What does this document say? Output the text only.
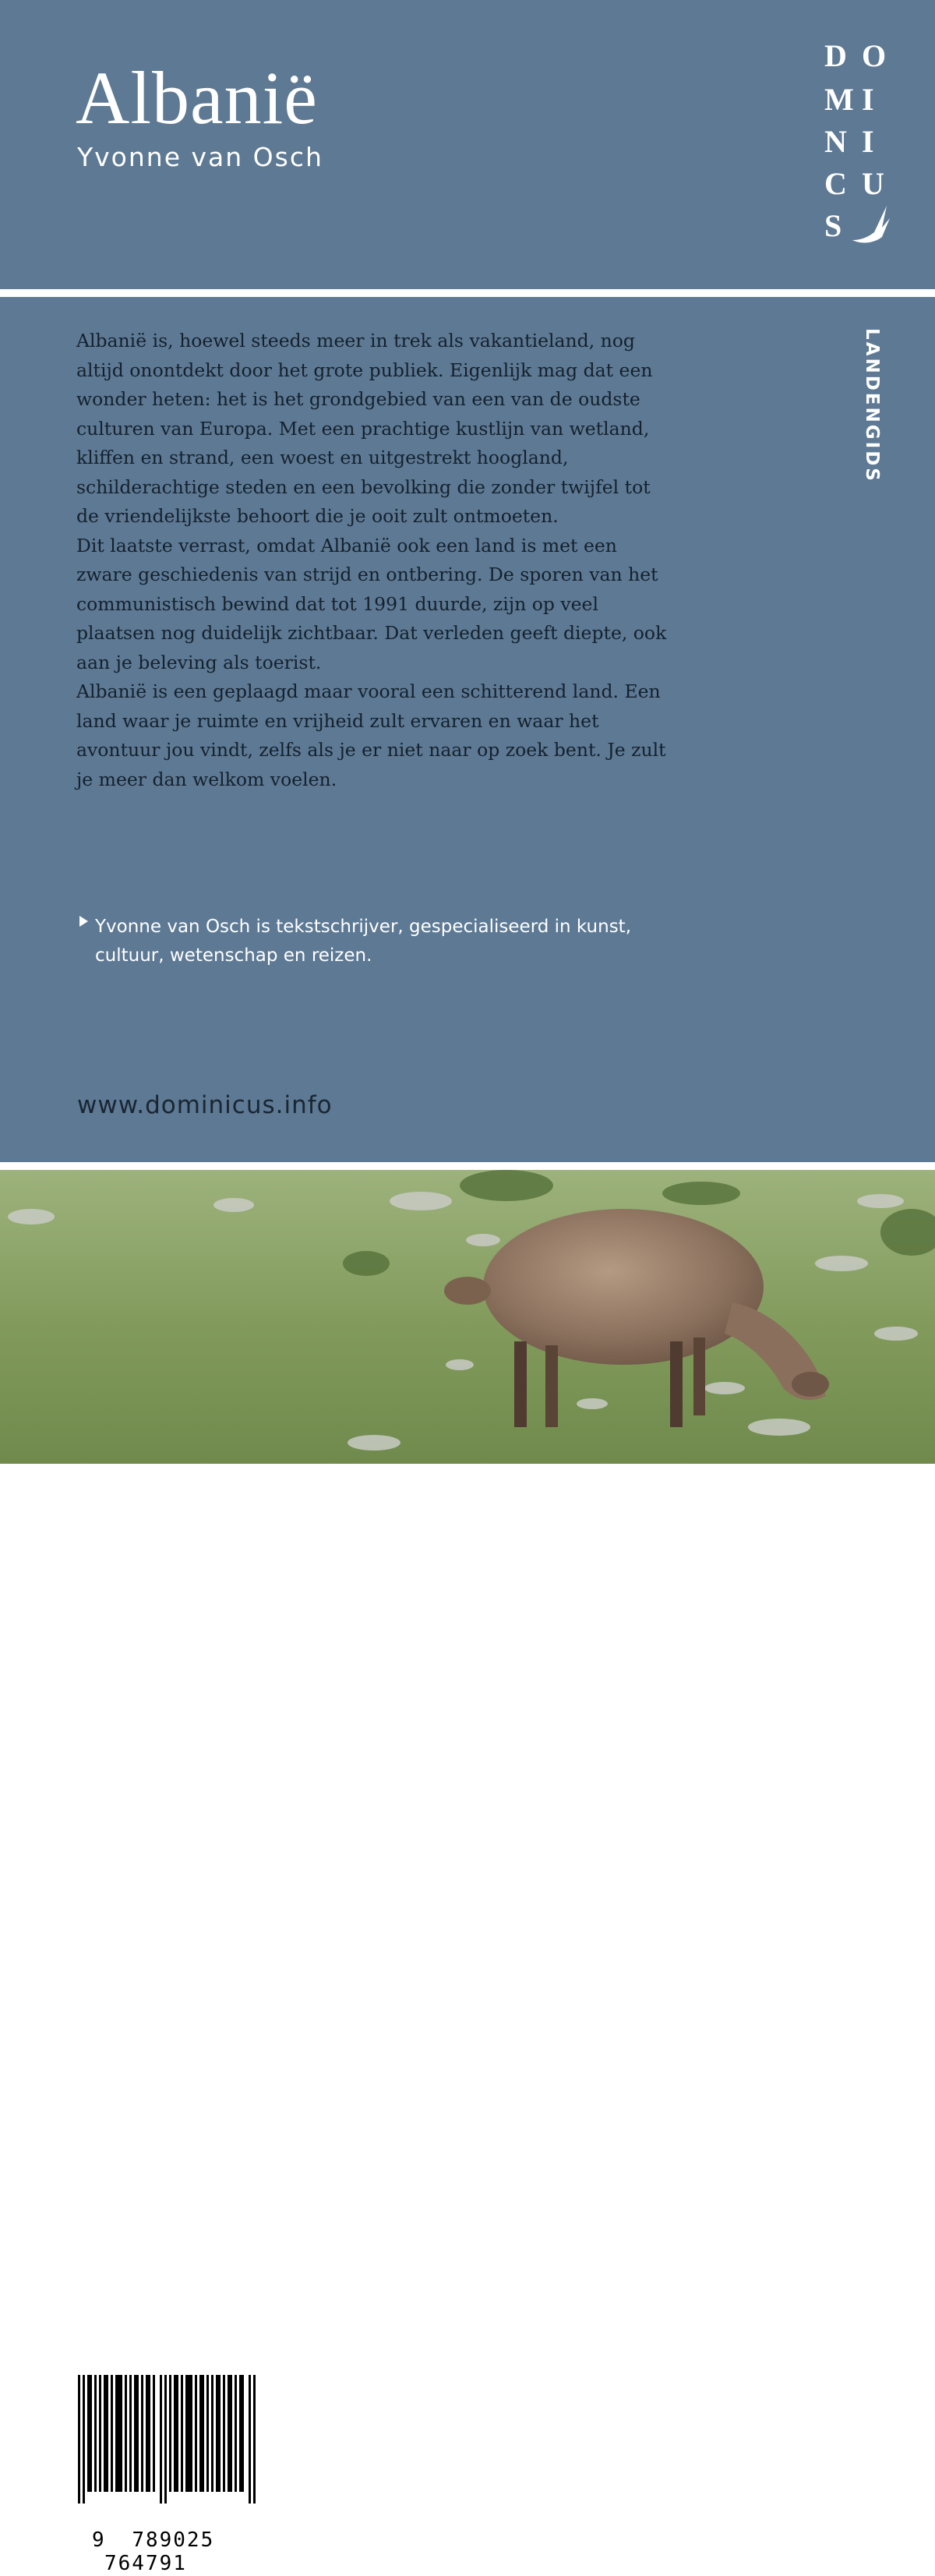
Albanië
Yvonne van Osch
D O
M I
N I
C U
S
LANDENGIDS

Albanië is, hoewel steeds meer in trek als vakantieland, nog altijd onontdekt door het grote publiek. Eigenlijk mag dat een wonder heten: het is het grondgebied van een van de oudste culturen van Europa. Met een prachtige kustlijn van wetland, kliffen en strand, een woest en uitgestrekt hoogland, schilderachtige steden en een bevolking die zonder twijfel tot de vriendelijkste behoort die je ooit zult ontmoeten.

Dit laatste verrast, omdat Albanië ook een land is met een zware geschiedenis van strijd en ontbering. De sporen van het communistisch bewind dat tot 1991 duurde, zijn op veel plaatsen nog duidelijk zichtbaar. Dat verleden geeft diepte, ook aan je beleving als toerist.

Albanië is een geplaagd maar vooral een schitterend land. Een land waar je ruimte en vrijheid zult ervaren en waar het avontuur jou vindt, zelfs als je er niet naar op zoek bent. Je zult je meer dan welkom voelen.

Yvonne van Osch is tekstschrijver, gespecialiseerd in kunst, cultuur, wetenschap en reizen.

www.dominicus.info
9 789025 764791
